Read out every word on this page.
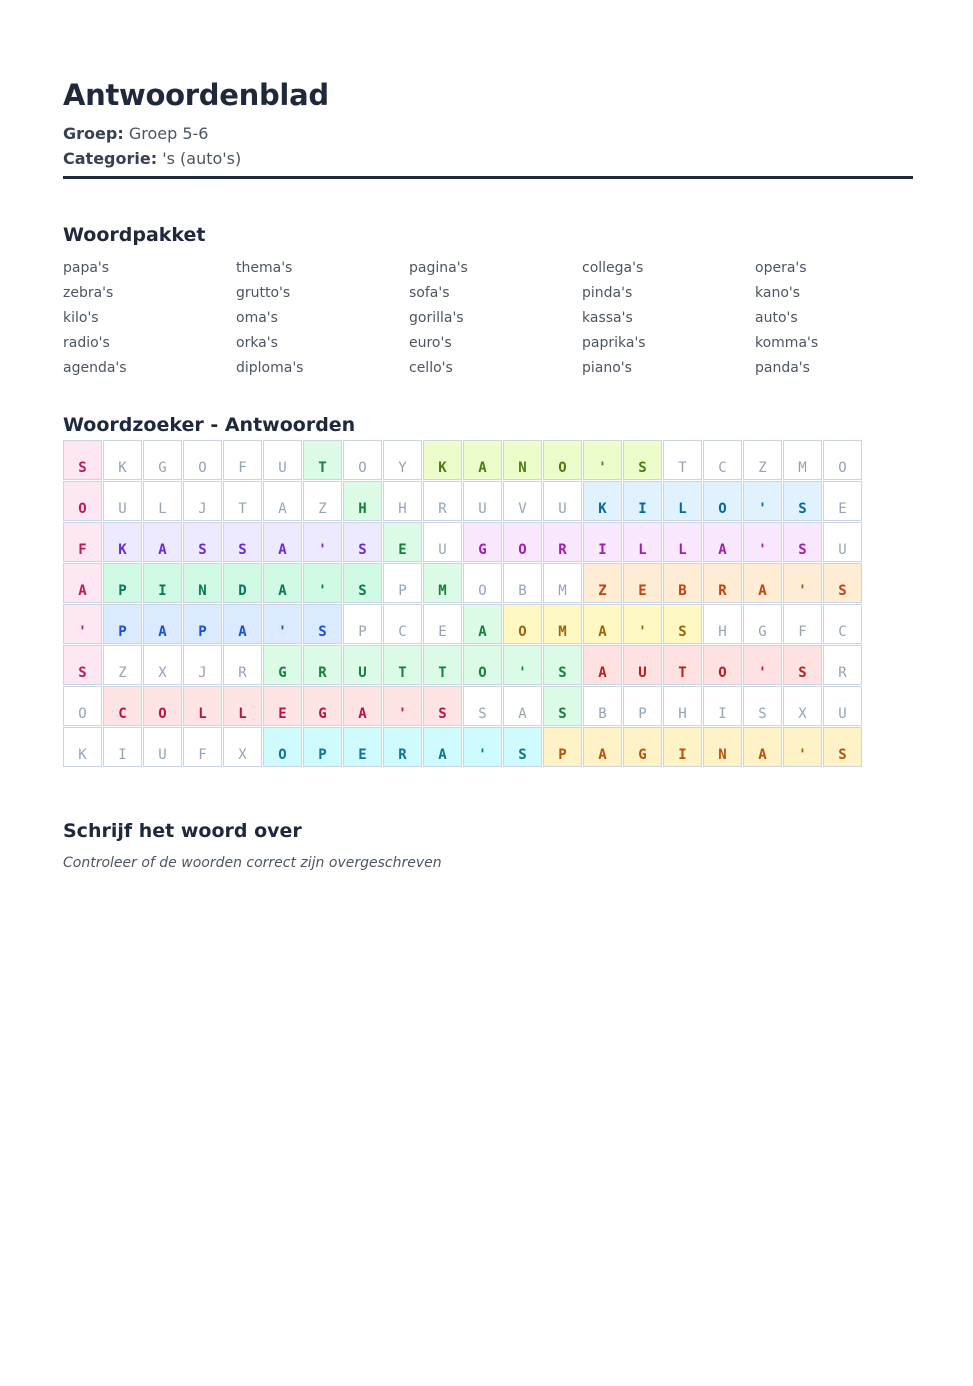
Antwoordenblad
Groep: Groep 5-6
Categorie: 's (auto's)
Woordpakket
papa's	thema's	pagina's	collega's	opera's
zebra's	grutto's	sofa's	pinda's	kano's
kilo's	oma's	gorilla's	kassa's	auto's
radio's	orka's	euro's	paprika's	komma's
agenda's	diploma's	cello's	piano's	panda's
Woordzoeker - Antwoorden
S	K	G	O	F	U	T	O	Y	K	A	N	O	'	S	T	C	Z	M	O
O	U	L	J	T	A	Z	H	H	R	U	V	U	K	I	L	O	'	S	E
F	K	A	S	S	A	'	S	E	U	G	O	R	I	L	L	A	'	S	U
A	P	I	N	D	A	'	S	P	M	O	B	M	Z	E	B	R	A	'	S
'	P	A	P	A	'	S	P	C	E	A	O	M	A	'	S	H	G	F	C
S	Z	X	J	R	G	R	U	T	T	O	'	S	A	U	T	O	'	S	R
O	C	O	L	L	E	G	A	'	S	S	A	S	B	P	H	I	S	X	U
K	I	U	F	X	O	P	E	R	A	'	S	P	A	G	I	N	A	'	S
Schrijf het woord over
Controleer of de woorden correct zijn overgeschreven
